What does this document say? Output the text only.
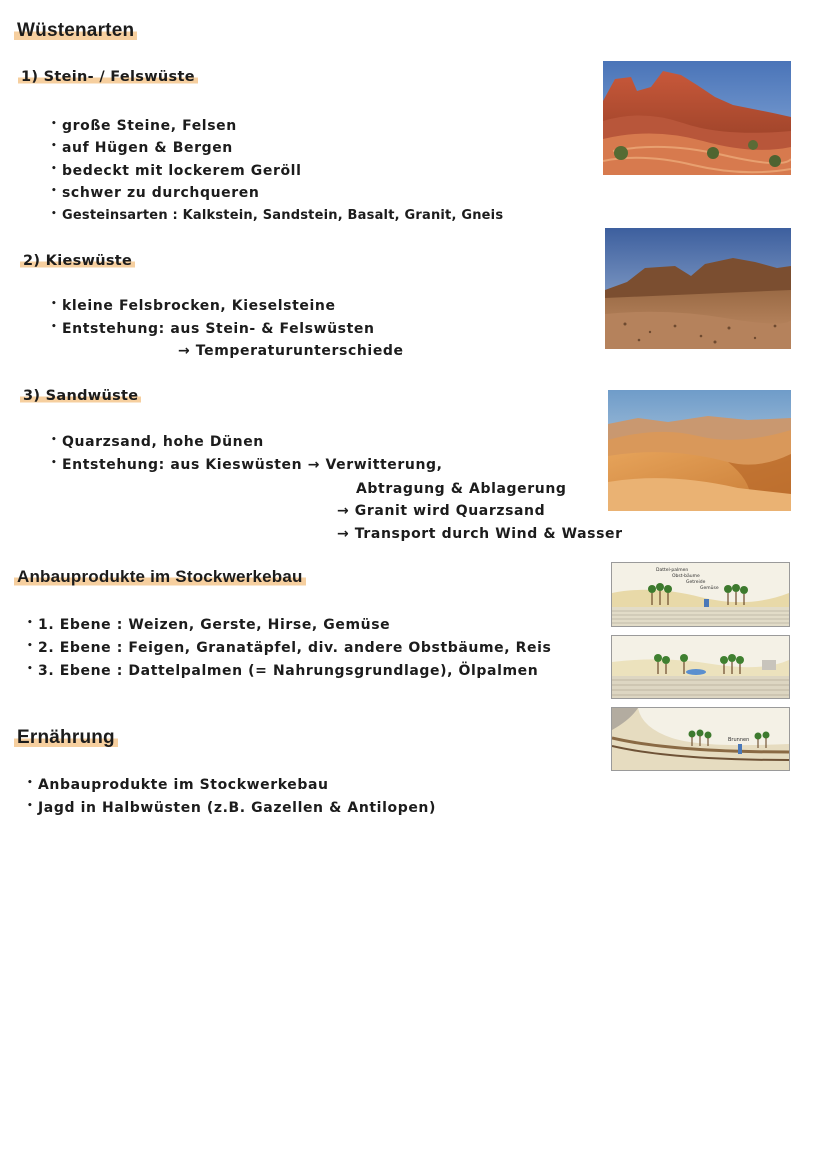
Wüstenarten
1) Stein- / Felswüste
• große Steine, Felsen
• auf Hügen & Bergen
• bedeckt mit lockerem Geröll
• schwer zu durchqueren
• Gesteinsarten : Kalkstein, Sandstein, Basalt, Granit, Gneis
2) Kieswüste
• kleine Felsbrocken, Kieselsteine
• Entstehung: aus Stein- & Felswüsten
→ Temperaturunterschiede
3) Sandwüste
• Quarzsand, hohe Dünen
• Entstehung: aus Kieswüsten → Verwitterung,
Abtragung & Ablagerung
→ Granit wird Quarzsand
→ Transport durch Wind & Wasser
Anbauprodukte im Stockwerkebau
• 1. Ebene : Weizen, Gerste, Hirse, Gemüse
• 2. Ebene : Feigen, Granatäpfel, div. andere Obstbäume, Reis
• 3. Ebene : Dattelpalmen (= Nahrungsgrundlage), Ölpalmen
Dattel-palmen
Obst-bäume
Getreide
Gemüse
Brunnen
Ernährung
• Anbauprodukte im Stockwerkebau
• Jagd in Halbwüsten (z.B. Gazellen & Antilopen)
